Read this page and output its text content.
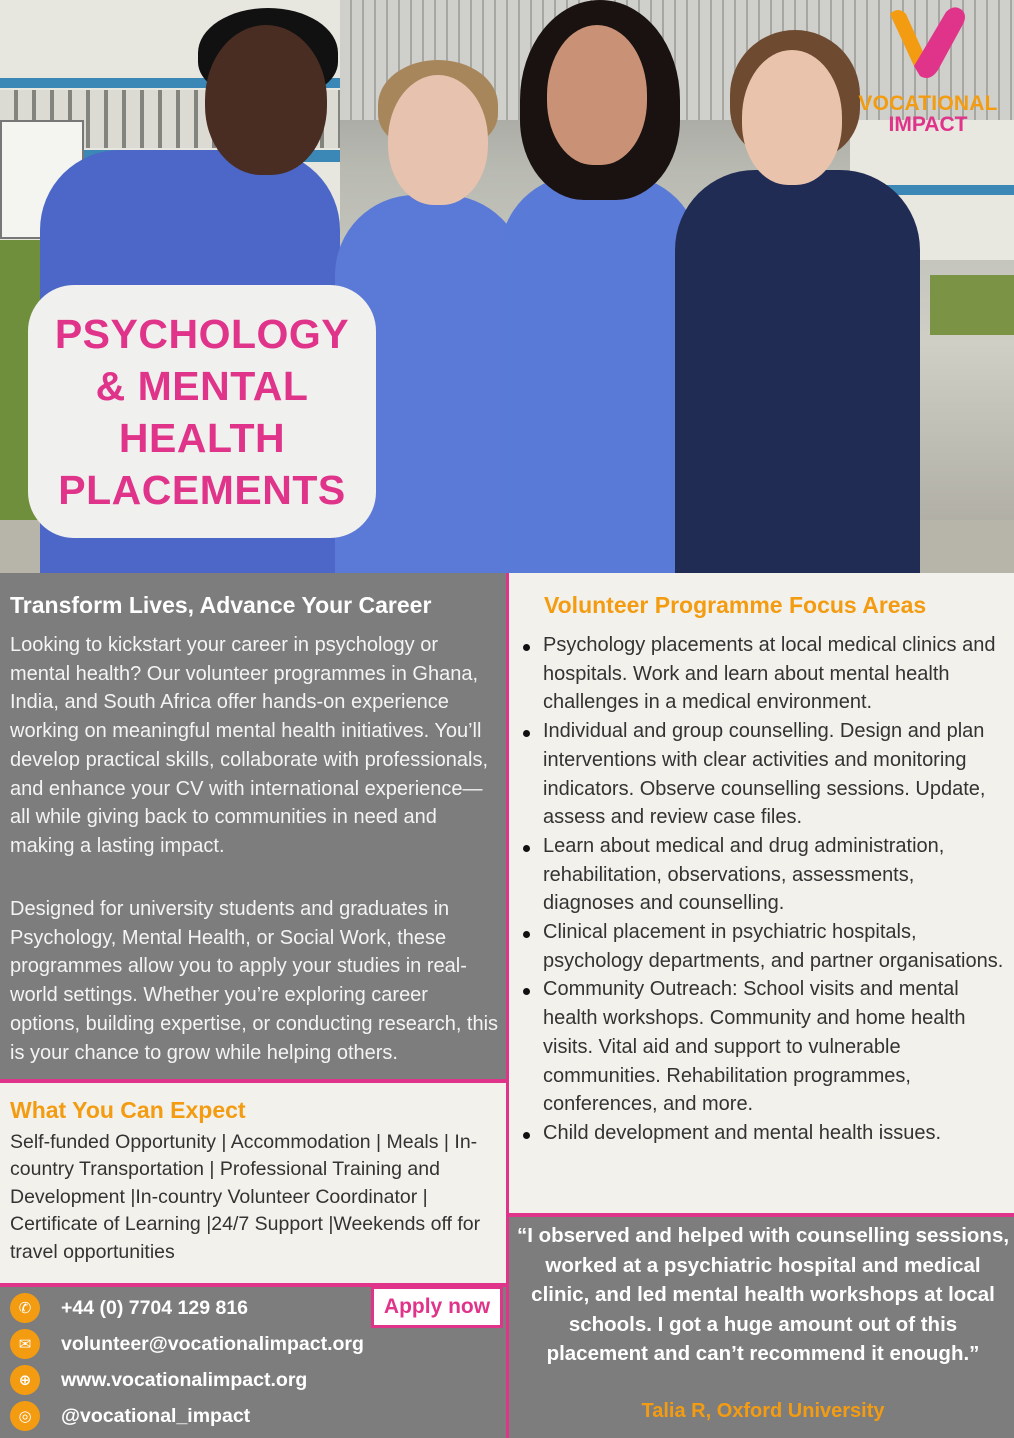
VOCATIONAL
IMPACT
PSYCHOLOGY & MENTAL HEALTH PLACEMENTS
Transform Lives, Advance Your Career
Looking to kickstart your career in psychology or mental health? Our volunteer programmes in Ghana, India, and South Africa offer hands-on experience working on meaningful mental health initiatives. You’ll develop practical skills, collaborate with professionals, and enhance your CV with international experience—all while giving back to communities in need and making a lasting impact.
Designed for university students and graduates in Psychology, Mental Health, or Social Work, these programmes allow you to apply your studies in real-world settings. Whether you’re exploring career options, building expertise, or conducting research, this is your chance to grow while helping others.
Volunteer Programme Focus Areas
Psychology placements at local medical clinics and hospitals. Work and learn about mental health challenges in a medical environment.
Individual and group counselling. Design and plan interventions with clear activities and monitoring indicators. Observe counselling sessions. Update, assess and review case files.
Learn about medical and drug administration, rehabilitation, observations, assessments, diagnoses and counselling.
Clinical placement in psychiatric hospitals, psychology departments, and partner organisations.
Community Outreach: School visits and mental health workshops. Community and home health visits. Vital aid and support to vulnerable communities. Rehabilitation programmes, conferences, and more.
Child development and mental health issues.
What You Can Expect
Self-funded Opportunity | Accommodation | Meals | In-country Transportation | Professional Training and Development |In-country Volunteer Coordinator | Certificate of Learning |24/7 Support |Weekends off for travel opportunities
✆	+44 (0) 7704 129 816
✉	volunteer@vocationalimpact.org
⊕	www.vocationalimpact.org
◎	@vocational_impact
Apply now
“I observed and helped with counselling sessions, worked at a psychiatric hospital and medical clinic, and led mental health workshops at local schools. I got a huge amount out of this placement and can’t recommend it enough.”
Talia R, Oxford University
